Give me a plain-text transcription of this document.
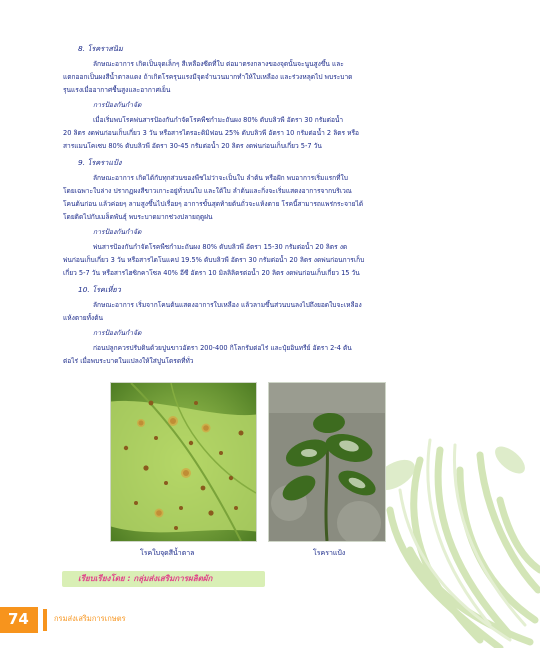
8. โรคราสนิม
ลักษณะอาการ เกิดเป็นจุดเล็กๆ สีเหลืองซีดที่ใบ ต่อมาตรงกลางของจุดนั้นจะนูนสูงขึ้น และ
แตกออกเป็นผงสีน้ำตาลแดง ถ้าเกิดโรครุนแรงมีจุดจำนวนมากทำให้ใบเหลือง และร่วงหลุดไป พบระบาด
รุนแรงเมื่ออากาศชื้นสูงและอากาศเย็น
การป้องกันกำจัด
เมื่อเริ่มพบโรคพ่นสารป้องกันกำจัดโรคพืชกำมะถันผง 80% ดับบลิวพี อัตรา 30 กรัมต่อน้ำ
20 ลิตร งดพ่นก่อนเก็บเกี่ยว 3 วัน หรือสารไตรอะดิมิฟอน 25% ดับบลิวพี อัตรา 10 กรัมต่อน้ำ 2 ลิตร หรือ
สารแมนโคเซบ 80% ดับบลิวพี อัตรา 30-45 กรัมต่อน้ำ 20 ลิตร งดพ่นก่อนเก็บเกี่ยว 5-7 วัน
9. โรคราแป้ง
ลักษณะอาการ เกิดได้กับทุกส่วนของพืชไม่ว่าจะเป็นใบ ลำต้น หรือฝัก พบอาการเริ่มแรกที่ใบ
โดยเฉพาะใบล่าง ปรากฏผงสีขาวเกาะอยู่ทั่วบนใบ และใต้ใบ ลำต้นและกิ่งจะเริ่มแสดงอาการจากบริเวณ
โคนต้นก่อน แล้วค่อยๆ ลามสูงขึ้นไปเรื่อยๆ อาการขั้นสุดท้ายต้นถั่วจะแห้งตาย โรคนี้สามารถแพร่กระจายได้
โดยติดไปกับเมล็ดพันธุ์ พบระบาดมากช่วงปลายฤดูฝน
การป้องกันกำจัด
พ่นสารป้องกันกำจัดโรคพืชกำมะถันผง 80% ดับบลิวพี อัตรา 15-30 กรัมต่อน้ำ 20 ลิตร งด
พ่นก่อนเก็บเกี่ยว 3 วัน หรือสารไดโนแคป 19.5% ดับบลิวพี อัตรา 30 กรัมต่อน้ำ 20 ลิตร งดพ่นก่อนการเก็บ
เกี่ยว 5-7 วัน หรือสารไฮซิกคาโซล 40% อีซี อัตรา 10 มิลลิลิตรต่อน้ำ 20 ลิตร งดพ่นก่อนเก็บเกี่ยว 15 วัน
10. โรคเหี่ยว
ลักษณะอาการ เริ่มจากโคนต้นแสดงอาการใบเหลือง แล้วลามขึ้นส่วนบนลงไปถึงยอดใบจะเหลือง
แห้งตายทั้งต้น
การป้องกันกำจัด
ก่อนปลูกควรปรับดินด้วยปูนขาวอัตรา 200-400 กิโลกรัมต่อไร่ และปุ๋ยอินทรีย์ อัตรา 2-4 ตัน
ต่อไร่ เมื่อพบระบาดในแปลงให้ใส่ปูนโดรดที่ทั่ว
โรคใบจุดสีน้ำตาล	โรคราแป้ง
เรียบเรียงโดย : กลุ่มส่งเสริมการผลิตผัก
74	กรมส่งเสริมการเกษตร
